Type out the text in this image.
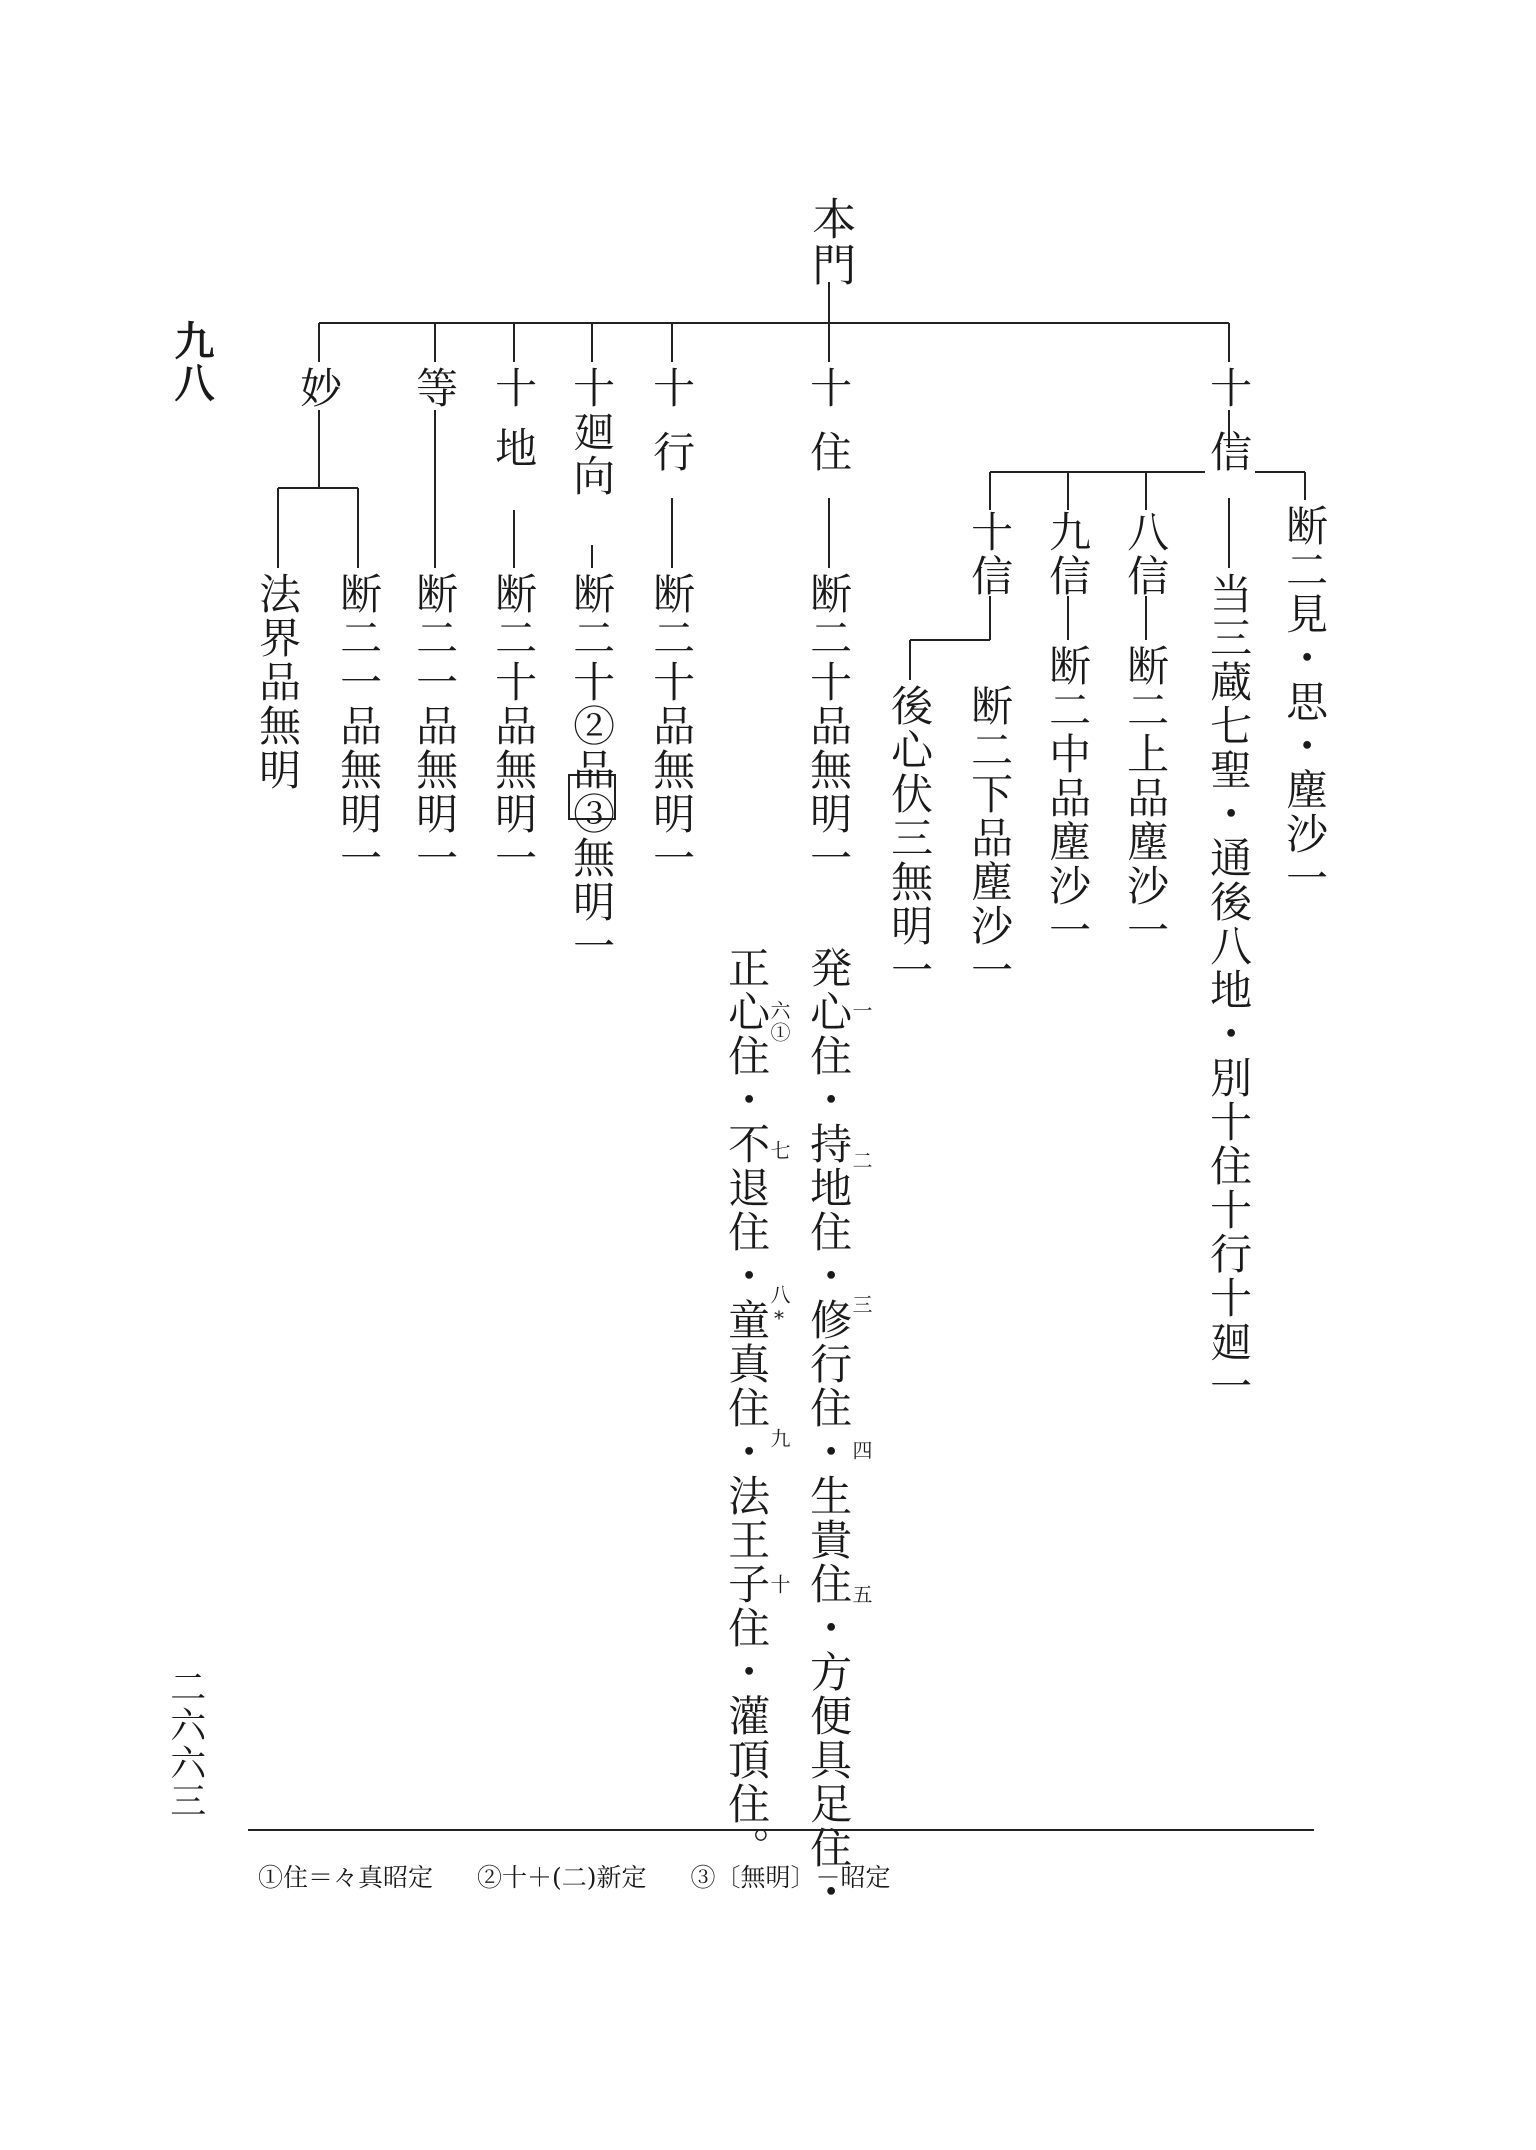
九八
二六六三
本門
妙
断二一品無明一
法界品無明
等
断二一品無明一
十地
断二十品無明一
十廻向
断二十②品③無明一
十行
断二十品無明一
十住
断二十品無明一
発心住・持地住・修行住・生貴住・方便具足住・
正心住・不退住・童真住・法王子住・灌頂住。	一
二
三
四
五
六①
七
八*
九
十
十信
断二見・思・塵沙一
当三蔵七聖・通後八地・別十住十行十廻一
八信
断二上品塵沙一
九信
断二中品塵沙一
十信
断二下品塵沙一
後心伏三無明一
①住＝々真昭定 ②十＋(二)新定 ③〔無明〕－昭定
